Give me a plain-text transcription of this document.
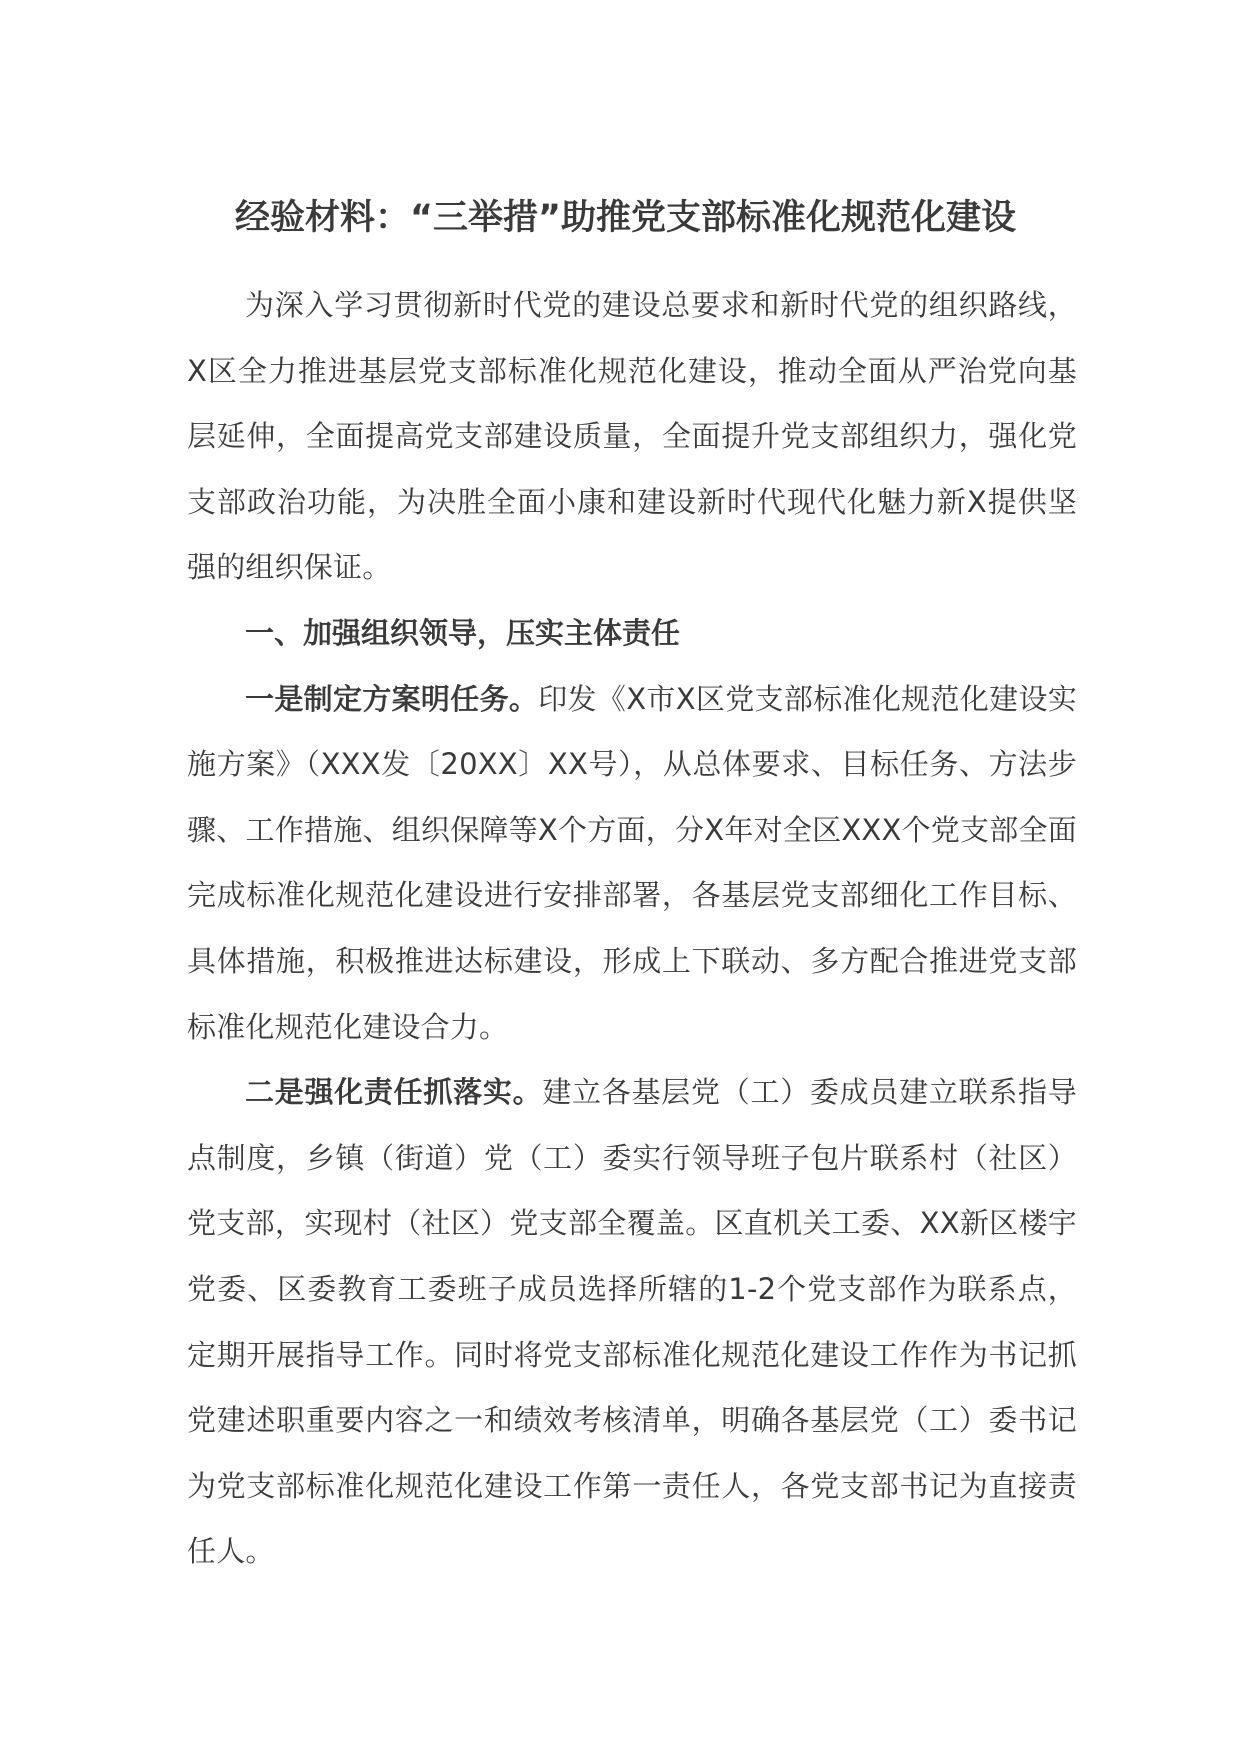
经验材料：“三举措”助推党支部标准化规范化建设

为深入学习贯彻新时代党的建设总要求和新时代党的组织路线，X区全力推进基层党支部标准化规范化建设，推动全面从严治党向基层延伸，全面提高党支部建设质量，全面提升党支部组织力，强化党支部政治功能，为决胜全面小康和建设新时代现代化魅力新X提供坚强的组织保证。

一、加强组织领导，压实主体责任

一是制定方案明任务。印发《X市X区党支部标准化规范化建设实施方案》（XXX发〔20XX〕XX号），从总体要求、目标任务、方法步骤、工作措施、组织保障等X个方面，分X年对全区XXX个党支部全面完成标准化规范化建设进行安排部署，各基层党支部细化工作目标、具体措施，积极推进达标建设，形成上下联动、多方配合推进党支部标准化规范化建设合力。

二是强化责任抓落实。建立各基层党（工）委成员建立联系指导点制度，乡镇（街道）党（工）委实行领导班子包片联系村（社区）党支部，实现村（社区）党支部全覆盖。区直机关工委、XX新区楼宇党委、区委教育工委班子成员选择所辖的1-2个党支部作为联系点，定期开展指导工作。同时将党支部标准化规范化建设工作作为书记抓党建述职重要内容之一和绩效考核清单，明确各基层党（工）委书记为党支部标准化规范化建设工作第一责任人，各党支部书记为直接责任人。
